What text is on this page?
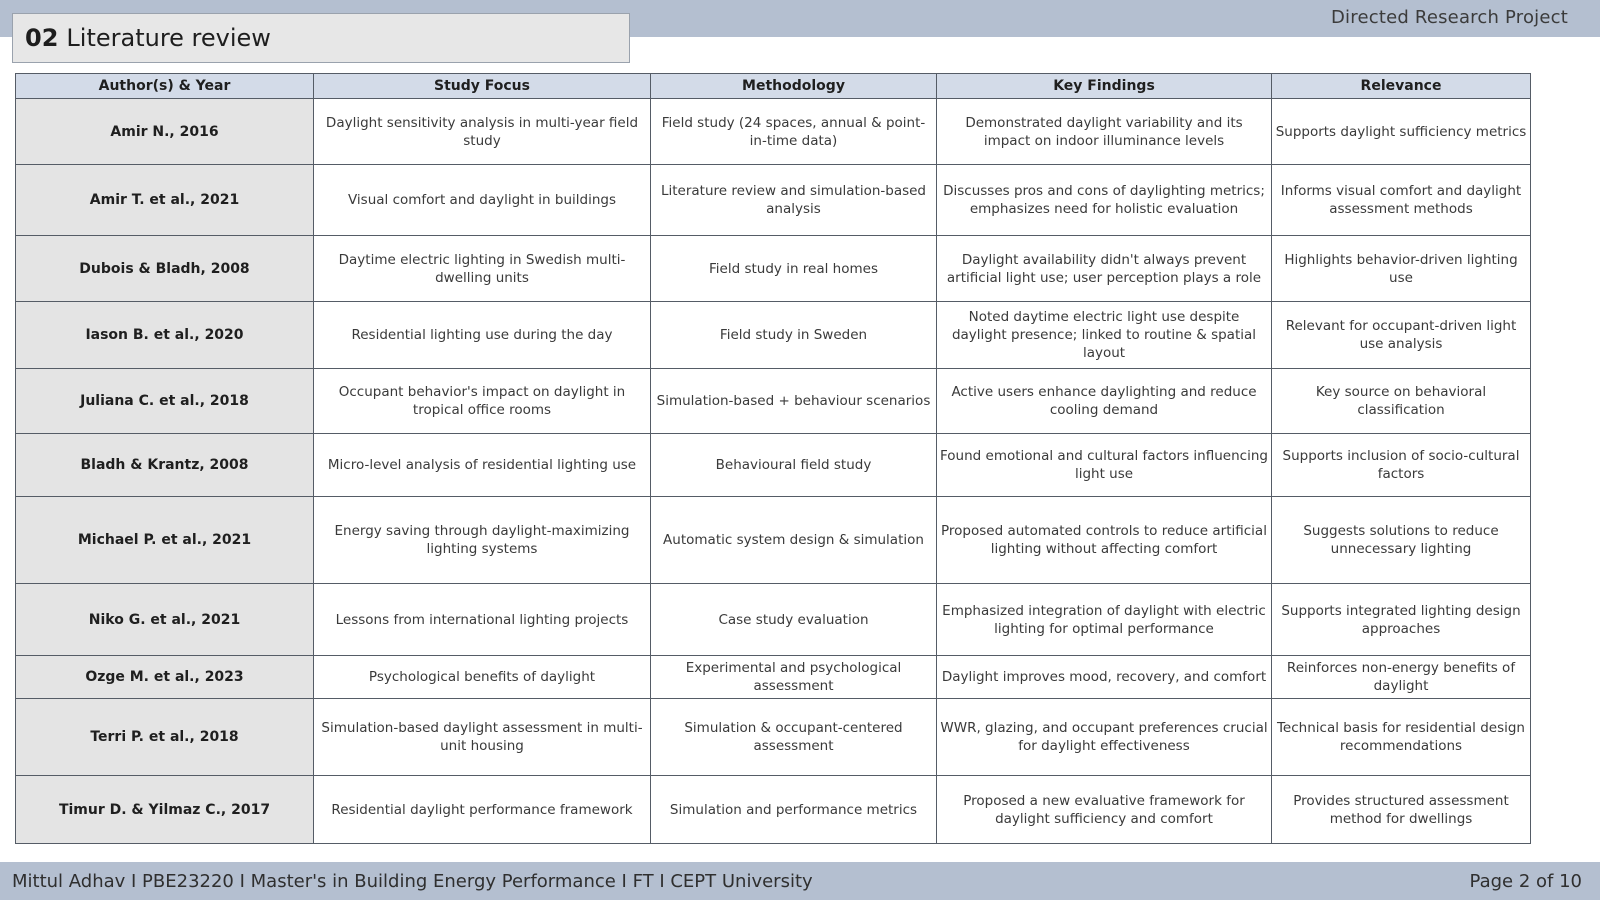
Directed Research Project
02 Literature review
Author(s) & Year	Study Focus	Methodology	Key Findings	Relevance
Amir N., 2016	Daylight sensitivity analysis in multi-year field study	Field study (24 spaces, annual & point-in-time data)	Demonstrated daylight variability and its impact on indoor illuminance levels	Supports daylight sufficiency metrics
Amir T. et al., 2021	Visual comfort and daylight in buildings	Literature review and simulation-based analysis	Discusses pros and cons of daylighting metrics; emphasizes need for holistic evaluation	Informs visual comfort and daylight assessment methods
Dubois & Bladh, 2008	Daytime electric lighting in Swedish multi-dwelling units	Field study in real homes	Daylight availability didn't always prevent artificial light use; user perception plays a role	Highlights behavior-driven lighting use
Iason B. et al., 2020	Residential lighting use during the day	Field study in Sweden	Noted daytime electric light use despite daylight presence; linked to routine & spatial layout	Relevant for occupant-driven light use analysis
Juliana C. et al., 2018	Occupant behavior's impact on daylight in tropical office rooms	Simulation-based + behaviour scenarios	Active users enhance daylighting and reduce cooling demand	Key source on behavioral classification
Bladh & Krantz, 2008	Micro-level analysis of residential lighting use	Behavioural field study	Found emotional and cultural factors influencing light use	Supports inclusion of socio-cultural factors
Michael P. et al., 2021	Energy saving through daylight-maximizing lighting systems	Automatic system design & simulation	Proposed automated controls to reduce artificial lighting without affecting comfort	Suggests solutions to reduce unnecessary lighting
Niko G. et al., 2021	Lessons from international lighting projects	Case study evaluation	Emphasized integration of daylight with electric lighting for optimal performance	Supports integrated lighting design approaches
Ozge M. et al., 2023	Psychological benefits of daylight	Experimental and psychological assessment	Daylight improves mood, recovery, and comfort	Reinforces non-energy benefits of daylight
Terri P. et al., 2018	Simulation-based daylight assessment in multi-unit housing	Simulation & occupant-centered assessment	WWR, glazing, and occupant preferences crucial for daylight effectiveness	Technical basis for residential design recommendations
Timur D. & Yilmaz C., 2017	Residential daylight performance framework	Simulation and performance metrics	Proposed a new evaluative framework for daylight sufficiency and comfort	Provides structured assessment method for dwellings
Mittul Adhav I PBE23220 I Master's in Building Energy Performance I FT I CEPT University	Page 2 of 10
